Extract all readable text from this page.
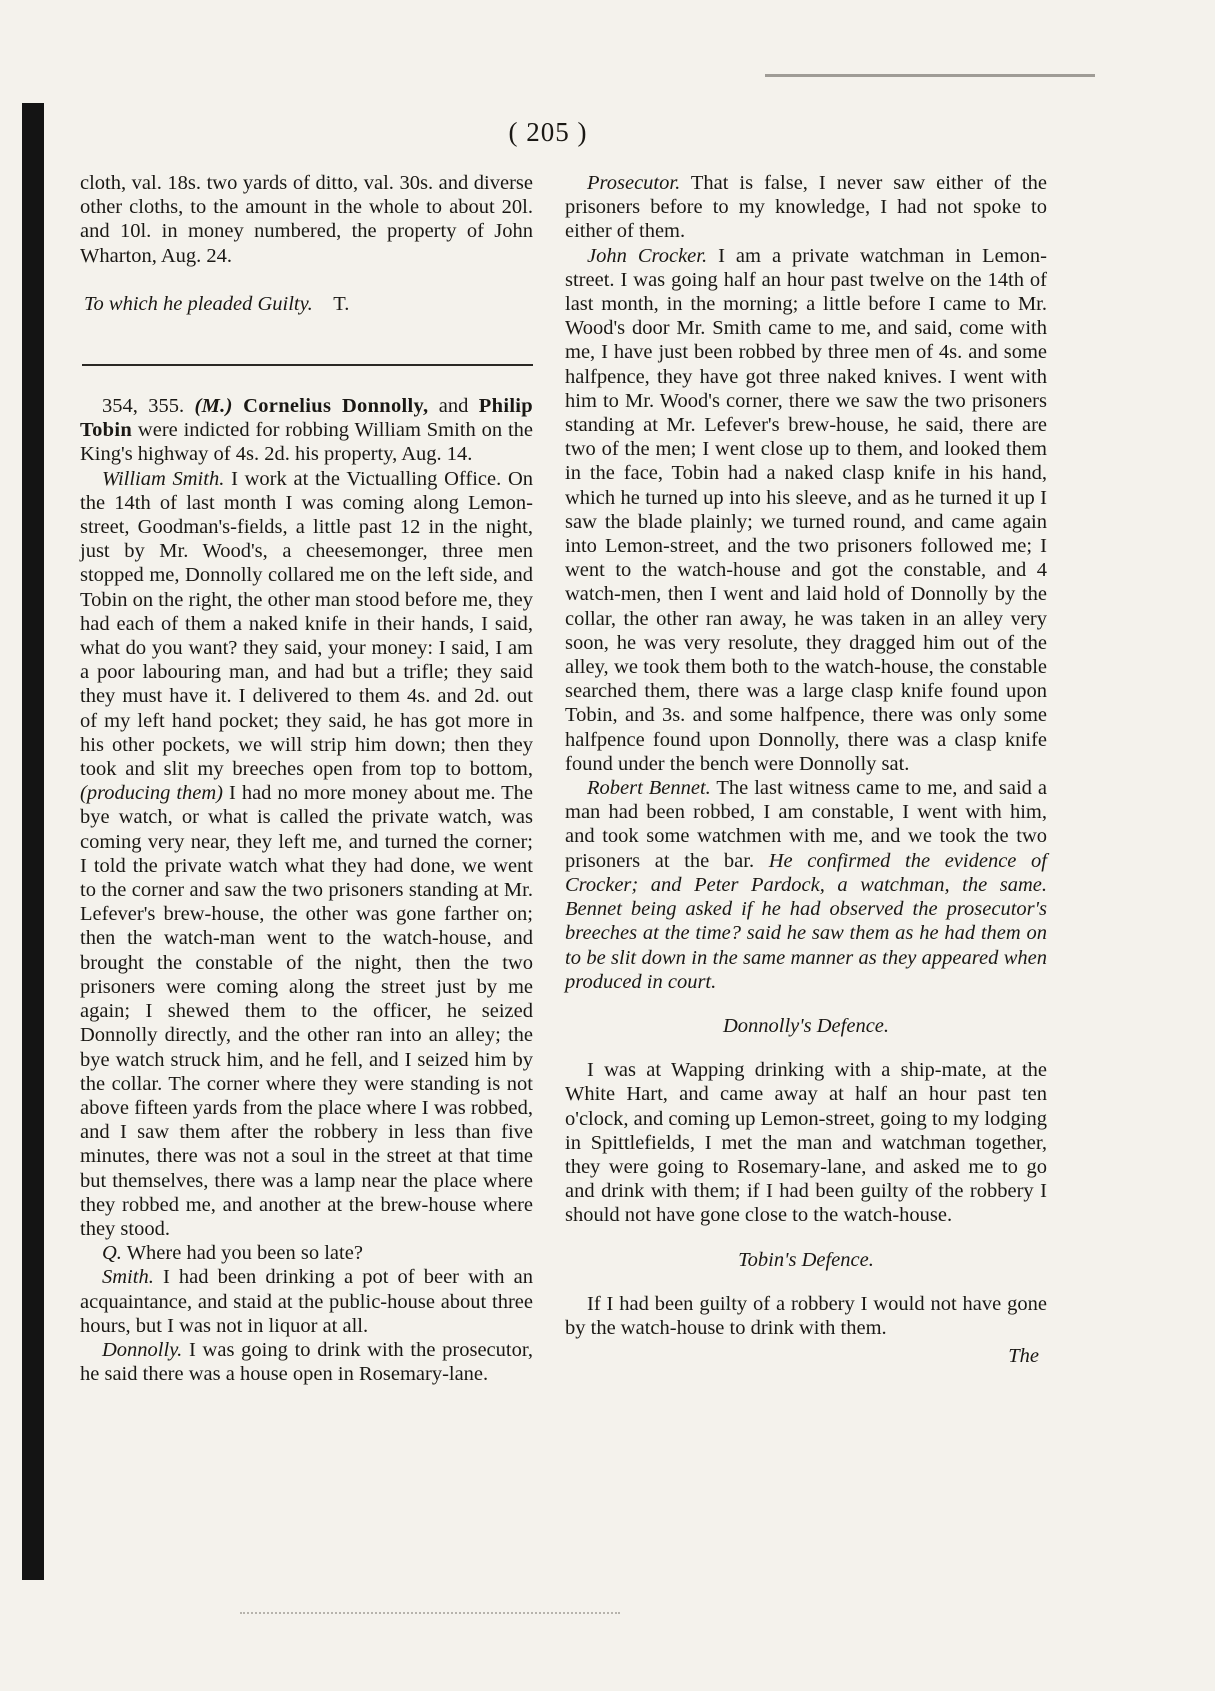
( 205 )

cloth, val. 18s. two yards of ditto, val. 30s. and diverse other cloths, to the amount in the whole to about 20l. and 10l. in money numbered, the property of John Wharton, Aug. 24.

To which he pleaded Guilty. T.

354, 355. (M.) Cornelius Donnolly, and Philip Tobin were indicted for robbing William Smith on the King's highway of 4s. 2d. his property, Aug. 14.

William Smith. I work at the Victualling Office. On the 14th of last month I was coming along Lemon-street, Goodman's-fields, a little past 12 in the night, just by Mr. Wood's, a cheesemonger, three men stopped me, Donnolly collared me on the left side, and Tobin on the right, the other man stood before me, they had each of them a naked knife in their hands, I said, what do you want? they said, your money: I said, I am a poor labouring man, and had but a trifle; they said they must have it. I delivered to them 4s. and 2d. out of my left hand pocket; they said, he has got more in his other pockets, we will strip him down; then they took and slit my breeches open from top to bottom, (producing them) I had no more money about me. The bye watch, or what is called the private watch, was coming very near, they left me, and turned the corner; I told the private watch what they had done, we went to the corner and saw the two prisoners standing at Mr. Lefever's brew-house, the other was gone farther on; then the watch-man went to the watch-house, and brought the constable of the night, then the two prisoners were coming along the street just by me again; I shewed them to the officer, he seized Donnolly directly, and the other ran into an alley; the bye watch struck him, and he fell, and I seized him by the collar. The corner where they were standing is not above fifteen yards from the place where I was robbed, and I saw them after the robbery in less than five minutes, there was not a soul in the street at that time but themselves, there was a lamp near the place where they robbed me, and another at the brew-house where they stood.

Q. Where had you been so late?

Smith. I had been drinking a pot of beer with an acquaintance, and staid at the public-house about three hours, but I was not in liquor at all.

Donnolly. I was going to drink with the prosecutor, he said there was a house open in Rosemary-lane.

Prosecutor. That is false, I never saw either of the prisoners before to my knowledge, I had not spoke to either of them.

John Crocker. I am a private watchman in Lemon-street. I was going half an hour past twelve on the 14th of last month, in the morning; a little before I came to Mr. Wood's door Mr. Smith came to me, and said, come with me, I have just been robbed by three men of 4s. and some halfpence, they have got three naked knives. I went with him to Mr. Wood's corner, there we saw the two prisoners standing at Mr. Lefever's brew-house, he said, there are two of the men; I went close up to them, and looked them in the face, Tobin had a naked clasp knife in his hand, which he turned up into his sleeve, and as he turned it up I saw the blade plainly; we turned round, and came again into Lemon-street, and the two prisoners followed me; I went to the watch-house and got the constable, and 4 watch-men, then I went and laid hold of Donnolly by the collar, the other ran away, he was taken in an alley very soon, he was very resolute, they dragged him out of the alley, we took them both to the watch-house, the constable searched them, there was a large clasp knife found upon Tobin, and 3s. and some halfpence, there was only some halfpence found upon Donnolly, there was a clasp knife found under the bench were Donnolly sat.

Robert Bennet. The last witness came to me, and said a man had been robbed, I am constable, I went with him, and took some watchmen with me, and we took the two prisoners at the bar. He confirmed the evidence of Crocker; and Peter Pardock, a watchman, the same. Bennet being asked if he had observed the prosecutor's breeches at the time? said he saw them as he had them on to be slit down in the same manner as they appeared when produced in court.

Donnolly's Defence.

I was at Wapping drinking with a ship-mate, at the White Hart, and came away at half an hour past ten o'clock, and coming up Lemon-street, going to my lodging in Spittlefields, I met the man and watchman together, they were going to Rosemary-lane, and asked me to go and drink with them; if I had been guilty of the robbery I should not have gone close to the watch-house.

Tobin's Defence.

If I had been guilty of a robbery I would not have gone by the watch-house to drink with them.

The
